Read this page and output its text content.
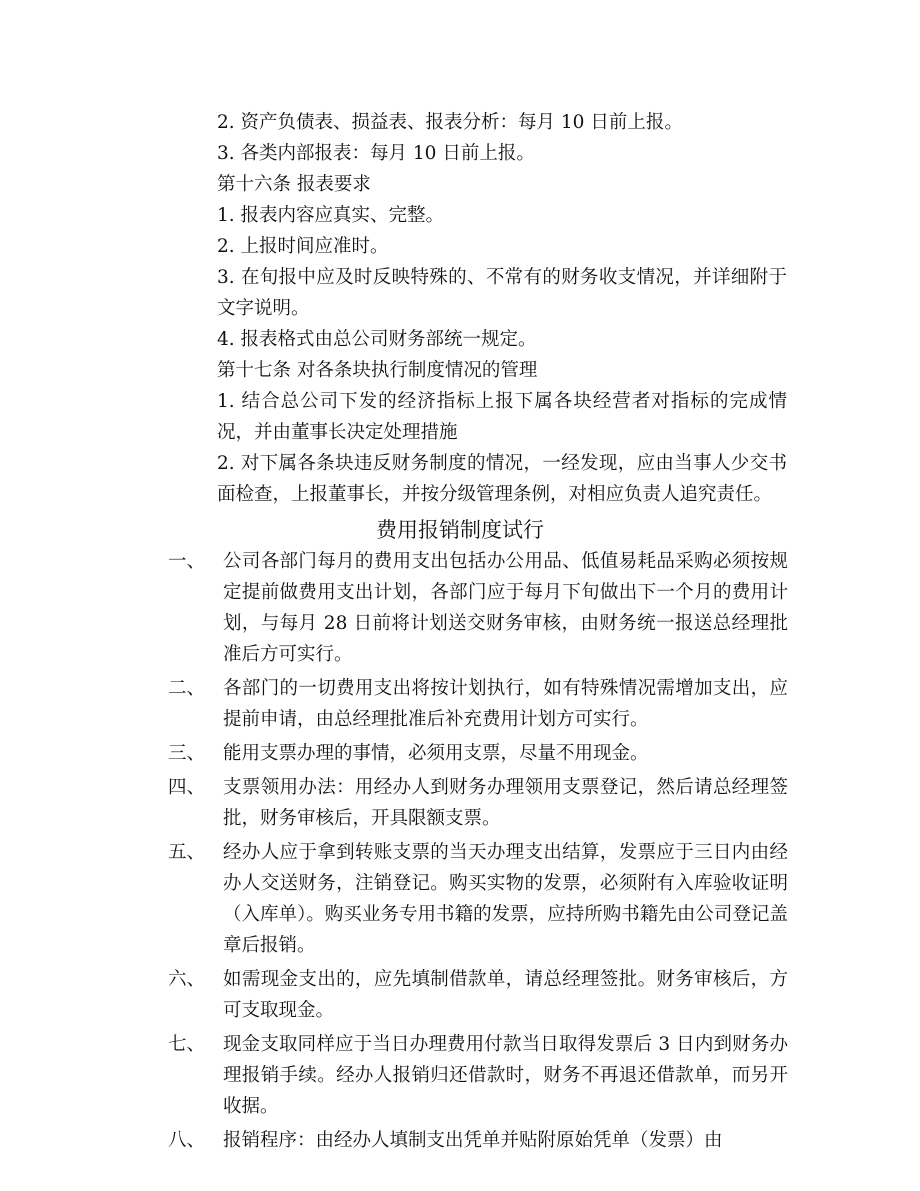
2. 资产负债表、损益表、报表分析：每月 10 日前上报。
3. 各类内部报表：每月 10 日前上报。
第十六条 报表要求
1. 报表内容应真实、完整。
2. 上报时间应准时。
3. 在旬报中应及时反映特殊的、不常有的财务收支情况，并详细附于文字说明。
4. 报表格式由总公司财务部统一规定。
第十七条 对各条块执行制度情况的管理
1. 结合总公司下发的经济指标上报下属各块经营者对指标的完成情况，并由董事长决定处理措施
2. 对下属各条块违反财务制度的情况，一经发现，应由当事人少交书面检查，上报董事长，并按分级管理条例，对相应负责人追究责任。
费用报销制度试行
一、 公司各部门每月的费用支出包括办公用品、低值易耗品采购必须按规定提前做费用支出计划，各部门应于每月下旬做出下一个月的费用计划，与每月 28 日前将计划送交财务审核，由财务统一报送总经理批准后方可实行。
二、 各部门的一切费用支出将按计划执行，如有特殊情况需增加支出，应提前申请，由总经理批准后补充费用计划方可实行。
三、 能用支票办理的事情，必须用支票，尽量不用现金。
四、 支票领用办法：用经办人到财务办理领用支票登记，然后请总经理签批，财务审核后，开具限额支票。
五、 经办人应于拿到转账支票的当天办理支出结算，发票应于三日内由经办人交送财务，注销登记。购买实物的发票，必须附有入库验收证明（入库单）。购买业务专用书籍的发票，应持所购书籍先由公司登记盖章后报销。
六、 如需现金支出的，应先填制借款单，请总经理签批。财务审核后，方可支取现金。
七、 现金支取同样应于当日办理费用付款当日取得发票后 3 日内到财务办理报销手续。经办人报销归还借款时，财务不再退还借款单，而另开收据。
八、 报销程序：由经办人填制支出凭单并贴附原始凭单（发票）由
